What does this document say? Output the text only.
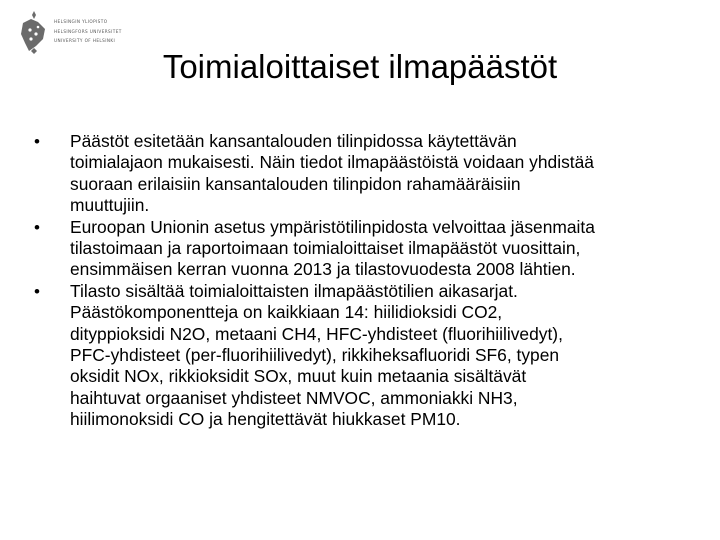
HELSINGIN YLIOPISTO
HELSINGFORS UNIVERSITET
UNIVERSITY OF HELSINKI
Toimialoittaiset ilmapäästöt
• Päästöt esitetään kansantalouden tilinpidossa käytettävän
toimialajaon mukaisesti. Näin tiedot ilmapäästöistä voidaan yhdistää
suoraan erilaisiin kansantalouden tilinpidon rahamääräisiin
muuttujiin.
• Euroopan Unionin asetus ympäristötilinpidosta velvoittaa jäsenmaita
tilastoimaan ja raportoimaan toimialoittaiset ilmapäästöt vuosittain,
ensimmäisen kerran vuonna 2013 ja tilastovuodesta 2008 lähtien.
• Tilasto sisältää toimialoittaisten ilmapäästötilien aikasarjat.
Päästökomponentteja on kaikkiaan 14: hiilidioksidi CO2,
dityppioksidi N2O, metaani CH4, HFC-yhdisteet (fluorihiilivedyt),
PFC-yhdisteet (per-fluorihiilivedyt), rikkiheksafluoridi SF6, typen
oksidit NOx, rikkioksidit SOx, muut kuin metaania sisältävät
haihtuvat orgaaniset yhdisteet NMVOC, ammoniakki NH3,
hiilimonoksidi CO ja hengitettävät hiukkaset PM10.
